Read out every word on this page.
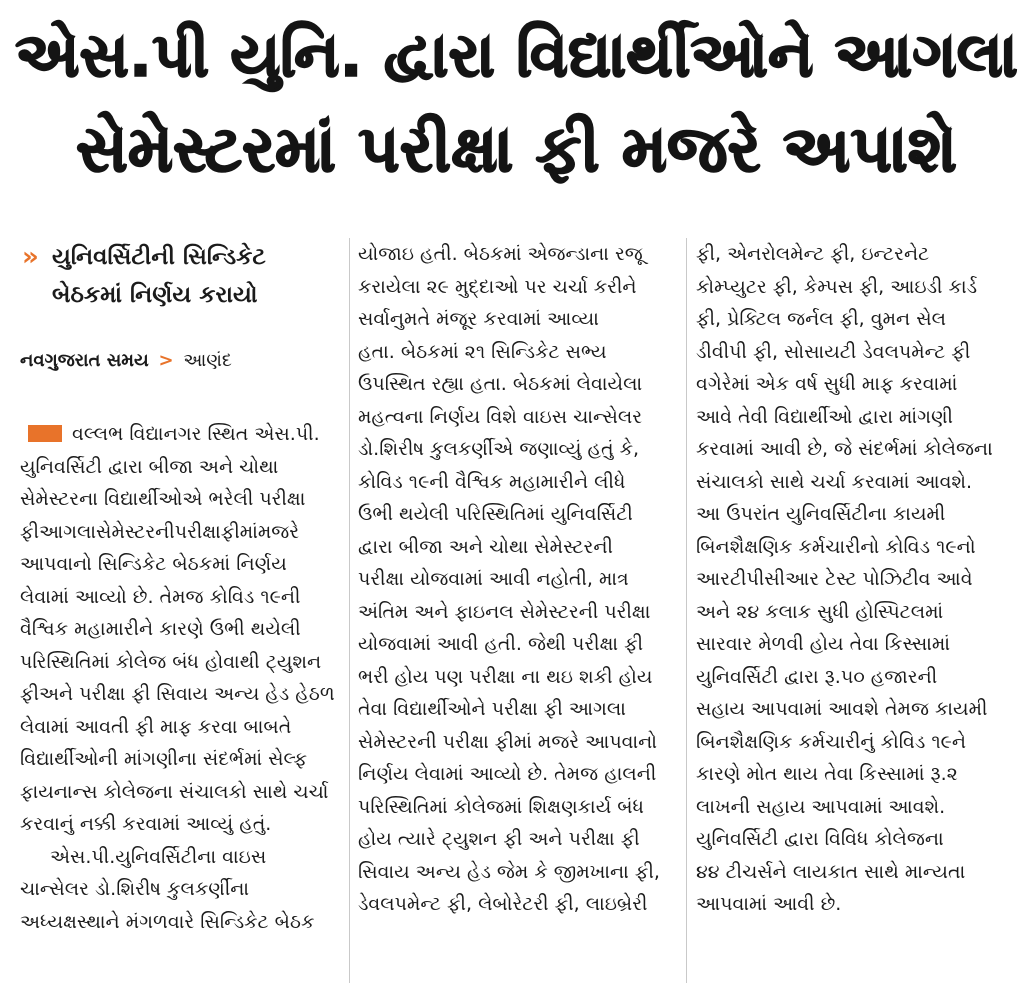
એસ.પી યુનિ. દ્વારા વિદ્યાર્થીઓને આગલા
સેમેસ્ટરમાં પરીક્ષા ફી મજરે અપાશે
» યુનિવર્સિટીની સિન્ડિકેટ
બેઠકમાં નિર્ણય કરાયો
નવગુજરાત સમય > આણંદ
વલ્લભ વિદ્યાનગર સ્થિત એસ.પી.
યુનિવર્સિટી દ્વારા બીજા અને ચોથા
સેમેસ્ટરના વિદ્યાર્થીઓએ ભરેલી પરીક્ષા
ફીઆગલાસેમેસ્ટરનીપરીક્ષાફીમાંમજરે
આપવાનો સિન્ડિકેટ બેઠકમાં નિર્ણય
લેવામાં આવ્યો છે. તેમજ કોવિડ ૧૯ની
વૈશ્વિક મહામારીને કારણે ઉભી થયેલી
પરિસ્થિતિમાં કોલેજ બંધ હોવાથી ટ્યુશન
ફીઅને પરીક્ષા ફી સિવાય અન્ય હેડ હેઠળ
લેવામાં આવતી ફી માફ કરવા બાબતે
વિદ્યાર્થીઓની માંગણીના સંદર્ભમાં સેલ્ફ
ફાયનાન્સ કોલેજના સંચાલકો સાથે ચર્ચા
કરવાનું નક્કી કરવામાં આવ્યું હતું.
એસ.પી.યુનિવર્સિટીના વાઇસ
ચાન્સેલર ડો.શિરીષ કુલકર્ણીના
અધ્યક્ષસ્થાને મંગળવારે સિન્ડિકેટ બેઠક
યોજાઇ હતી. બેઠકમાં એજન્ડાના રજૂ
કરાયેલા ૨૯ મુદ્દાઓ પર ચર્ચા કરીને
સર્વાનુમતે મંજૂર કરવામાં આવ્યા
હતા. બેઠકમાં ૨૧ સિન્ડિકેટ સભ્ય
ઉપસ્થિત રહ્યા હતા. બેઠકમાં લેવાયેલા
મહત્વના નિર્ણય વિશે વાઇસ ચાન્સેલર
ડો.શિરીષ કુલકર્ણીએ જણાવ્યું હતું કે,
કોવિડ ૧૯ની વૈશ્વિક મહામારીને લીધે
ઉભી થયેલી પરિસ્થિતિમાં યુનિવર્સિટી
દ્વારા બીજા અને ચોથા સેમેસ્ટરની
પરીક્ષા યોજવામાં આવી નહોતી, માત્ર
અંતિમ અને ફાઇનલ સેમેસ્ટરની પરીક્ષા
યોજવામાં આવી હતી. જેથી પરીક્ષા ફી
ભરી હોય પણ પરીક્ષા ના થઇ શકી હોય
તેવા વિદ્યાર્થીઓને પરીક્ષા ફી આગલા
સેમેસ્ટરની પરીક્ષા ફીમાં મજરે આપવાનો
નિર્ણય લેવામાં આવ્યો છે. તેમજ હાલની
પરિસ્થિતિમાં કોલેજમાં શિક્ષણકાર્ય બંધ
હોય ત્યારે ટ્યુશન ફી અને પરીક્ષા ફી
સિવાય અન્ય હેડ જેમ કે જીમખાના ફી,
ડેવલપમેન્ટ ફી, લેબોરેટરી ફી, લાઇબ્રેરી
ફી, એનરોલમેન્ટ ફી, ઇન્ટરનેટ
કોમ્પ્યુટર ફી, કેમ્પસ ફી, આઇડી કાર્ડ
ફી, પ્રેક્ટિલ જર્નલ ફી, વુમન સેલ
ડીવીપી ફી, સોસાયટી ડેવલપમેન્ટ ફી
વગેરેમાં એક વર્ષ સુધી માફ કરવામાં
આવે તેવી વિદ્યાર્થીઓ દ્વારા માંગણી
કરવામાં આવી છે, જે સંદર્ભમાં કોલેજના
સંચાલકો સાથે ચર્ચા કરવામાં આવશે.
આ ઉપરાંત યુનિવર્સિટીના કાયમી
બિનશૈક્ષણિક કર્મચારીનો કોવિડ ૧૯નો
આરટીપીસીઆર ટેસ્ટ પોઝિટીવ આવે
અને ૨૪ કલાક સુધી હોસ્પિટલમાં
સારવાર મેળવી હોય તેવા કિસ્સામાં
યુનિવર્સિટી દ્વારા રૂ.૫૦ હજારની
સહાય આપવામાં આવશે તેમજ કાયમી
બિનશૈક્ષણિક કર્મચારીનું કોવિડ ૧૯ને
કારણે મોત થાય તેવા કિસ્સામાં રૂ.૨
લાખની સહાય આપવામાં આવશે.
યુનિવર્સિટી દ્વારા વિવિધ કોલેજના
૪૪ ટીચર્સને લાયકાત સાથે માન્યતા
આપવામાં આવી છે.
